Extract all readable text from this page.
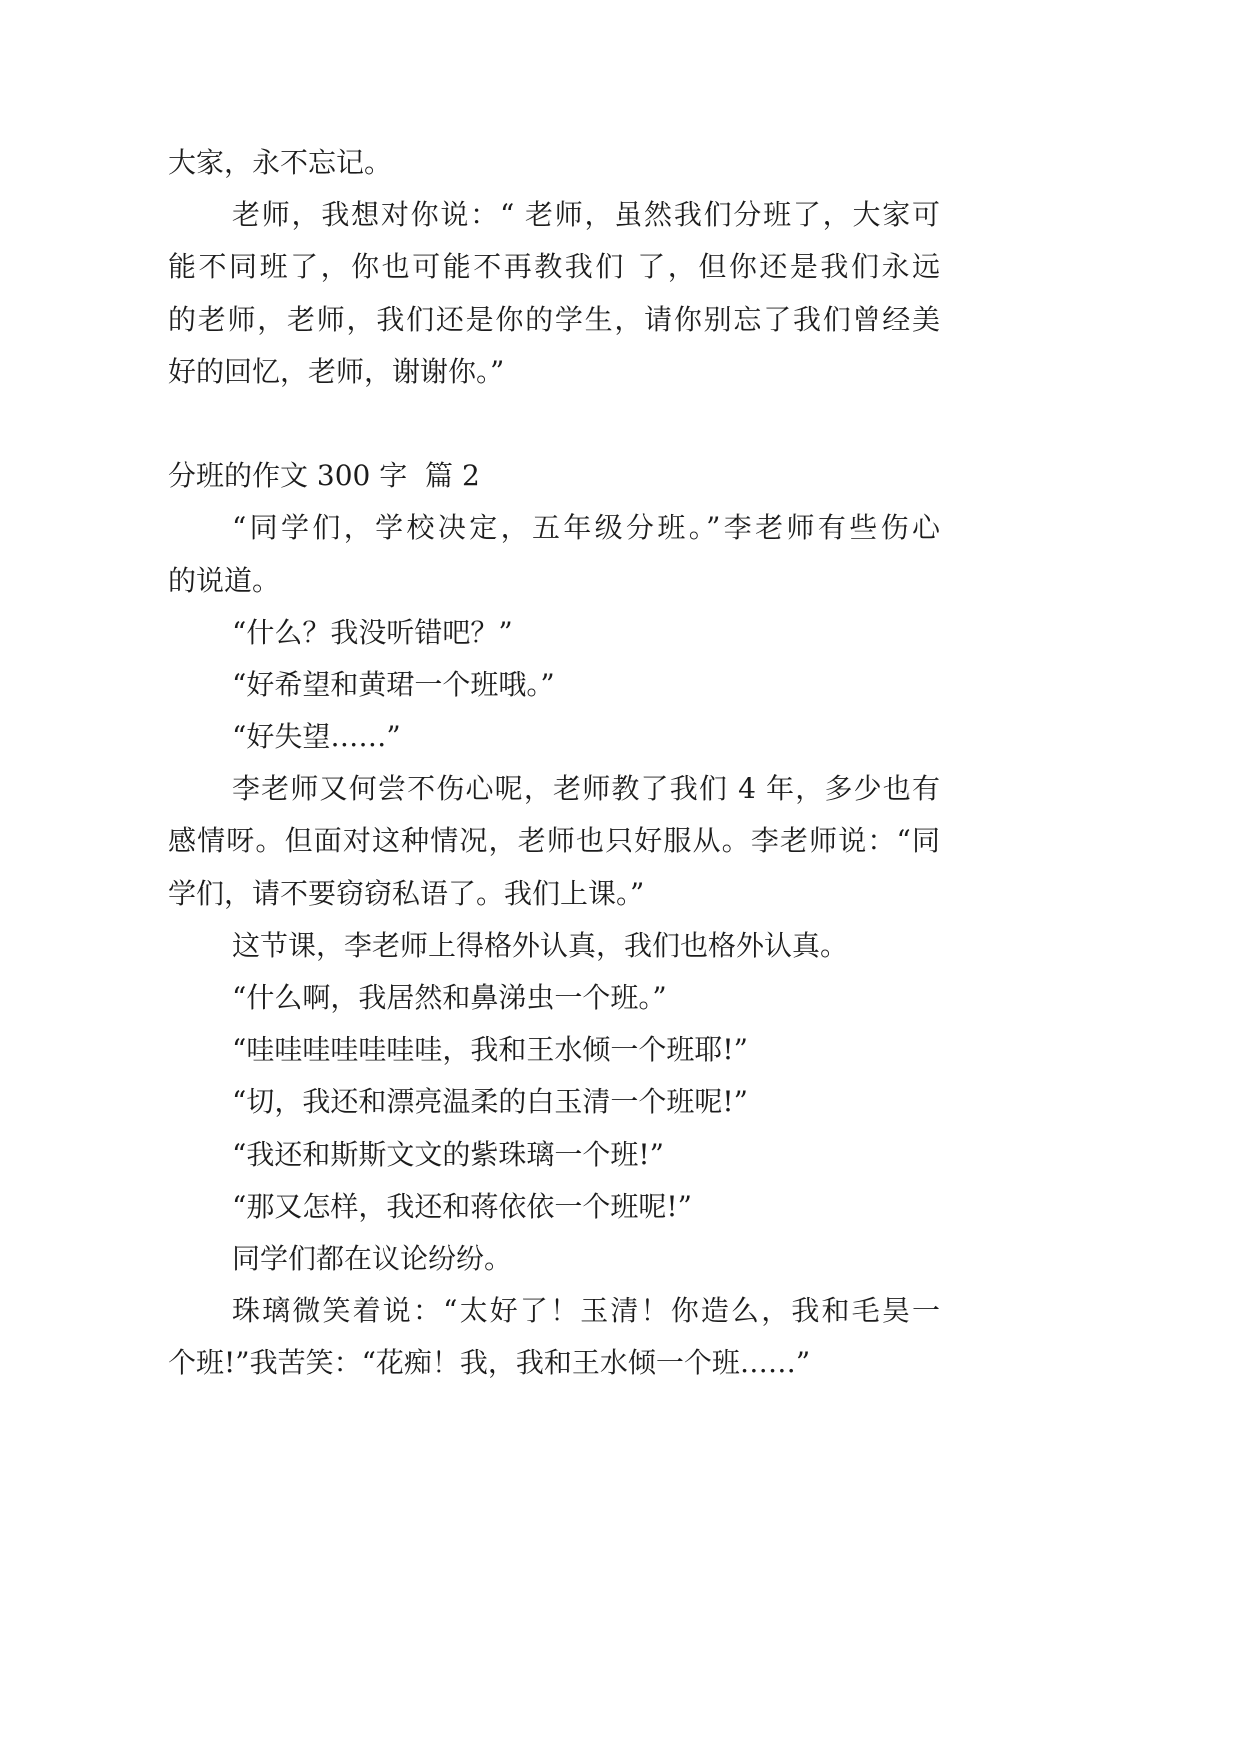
大家，永不忘记。
老师，我想对你说：“ 老师，虽然我们分班了，大家可
能不同班了，你也可能不再教我们 了，但你还是我们永远
的老师，老师，我们还是你的学生，请你别忘了我们曾经美
好的回忆，老师，谢谢你。”
分班的作文 300 字  篇 2
“同学们，学校决定，五年级分班。”李老师有些伤心
的说道。
“什么？我没听错吧？”
“好希望和黄珺一个班哦。”
“好失望……”
李老师又何尝不伤心呢，老师教了我们 4 年，多少也有
感情呀。但面对这种情况，老师也只好服从。李老师说：“同
学们，请不要窃窃私语了。我们上课。”
这节课，李老师上得格外认真，我们也格外认真。
“什么啊，我居然和鼻涕虫一个班。”
“哇哇哇哇哇哇哇，我和王水倾一个班耶!”
“切，我还和漂亮温柔的白玉清一个班呢!”
“我还和斯斯文文的紫珠璃一个班!”
“那又怎样，我还和蒋依依一个班呢!”
同学们都在议论纷纷。
珠璃微笑着说：“太好了！玉清！你造么，我和毛昊一
个班!”我苦笑：“花痴！我，我和王水倾一个班……”
